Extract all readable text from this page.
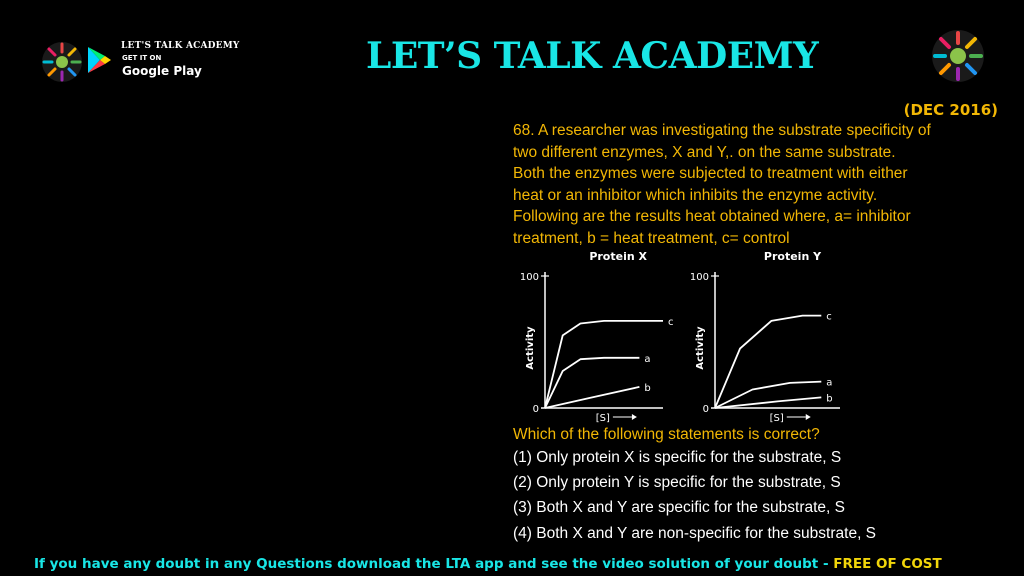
LET'S TALK ACADEMY
GET IT ON
Google Play	LET’S TALK ACADEMY
(DEC 2016)
68. A researcher was investigating the substrate specificity of
two different enzymes, X and Y,. on the same substrate.
Both the enzymes were subjected to treatment with either
heat or an inhibitor which inhibits the enzyme activity.
Following are the results heat obtained where, a= inhibitor
treatment, b = heat treatment, c= control
Protein X
100
0
Activity
[S]
c
a
b
Protein Y
100
0
Activity
[S]
c
a
b
Which of the following statements is correct?
(1) Only protein X is specific for the substrate, S
(2) Only protein Y is specific for the substrate, S
(3) Both X and Y are specific for the substrate, S
(4) Both X and Y are non-specific for the substrate, S
If you have any doubt in any Questions download the LTA app and see the video solution of your doubt - FREE OF COST
